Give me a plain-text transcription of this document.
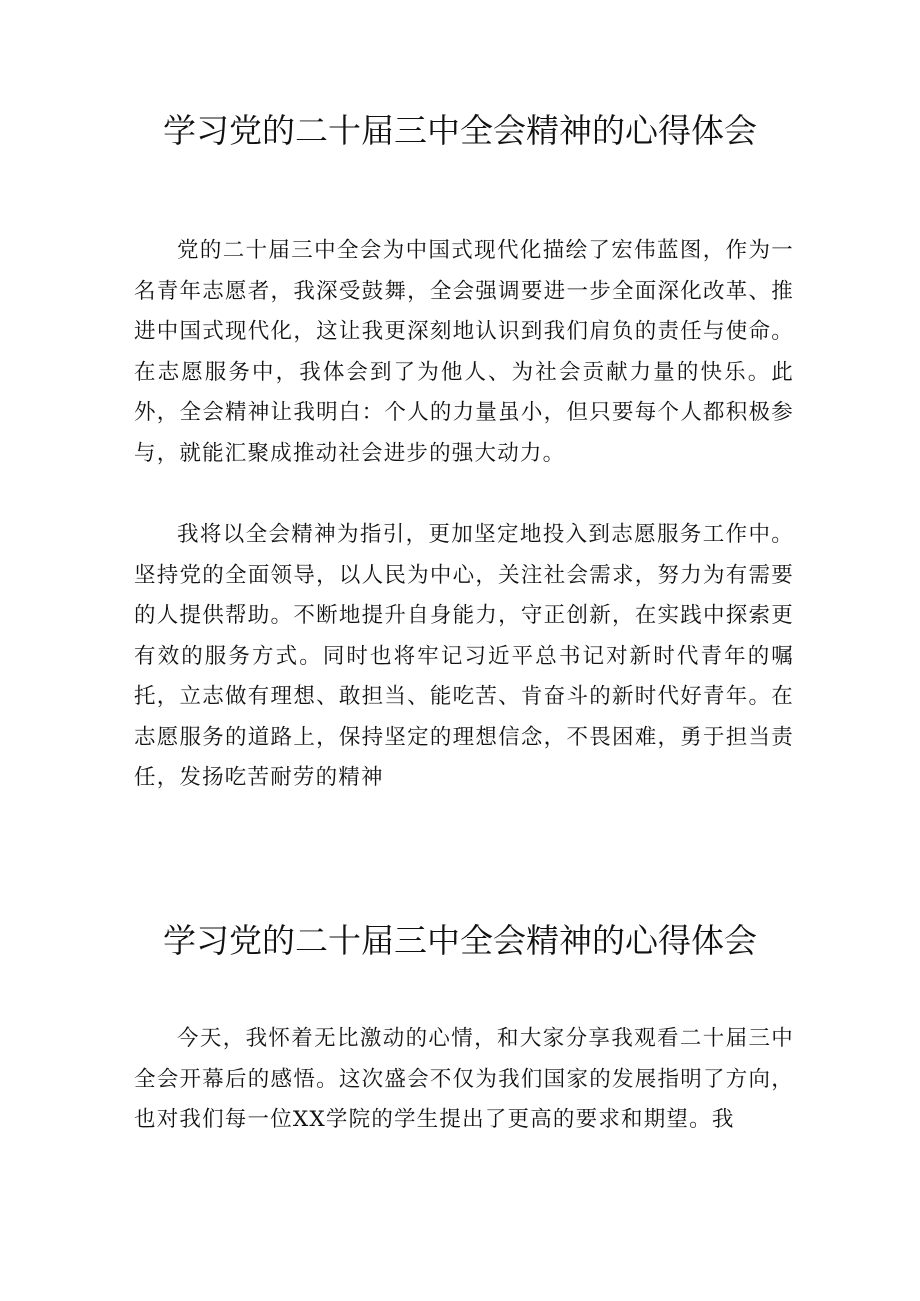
学习党的二十届三中全会精神的心得体会

党的二十届三中全会为中国式现代化描绘了宏伟蓝图，作为一名青年志愿者，我深受鼓舞，全会强调要进一步全面深化改革、推进中国式现代化，这让我更深刻地认识到我们肩负的责任与使命。在志愿服务中，我体会到了为他人、为社会贡献力量的快乐。此外，全会精神让我明白：个人的力量虽小，但只要每个人都积极参与，就能汇聚成推动社会进步的强大动力。

我将以全会精神为指引，更加坚定地投入到志愿服务工作中。坚持党的全面领导，以人民为中心，关注社会需求，努力为有需要的人提供帮助。不断地提升自身能力，守正创新，在实践中探索更有效的服务方式。同时也将牢记习近平总书记对新时代青年的嘱托，立志做有理想、敢担当、能吃苦、肯奋斗的新时代好青年。在志愿服务的道路上，保持坚定的理想信念，不畏困难，勇于担当责任，发扬吃苦耐劳的精神

学习党的二十届三中全会精神的心得体会

今天，我怀着无比激动的心情，和大家分享我观看二十届三中全会开幕后的感悟。这次盛会不仅为我们国家的发展指明了方向，也对我们每一位XX学院的学生提出了更高的要求和期望。我
